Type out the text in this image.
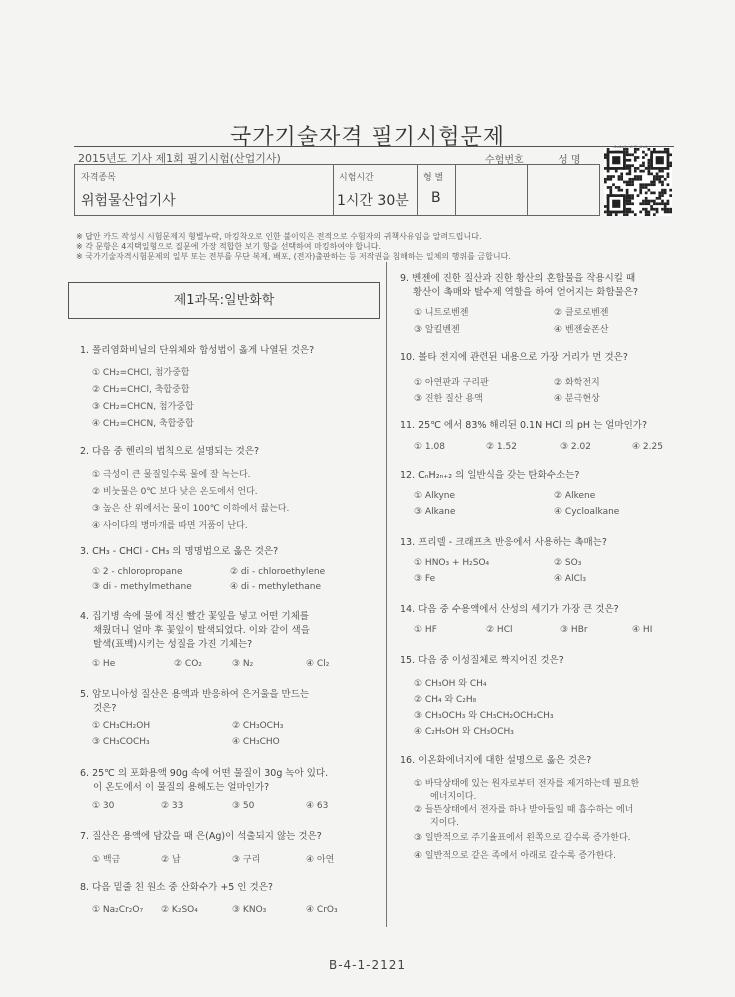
국가기술자격 필기시험문제
2015년도 기사 제1회 필기시험(산업기사)	수험번호	성 명
자격종목
위험물산업기사
시험시간
1시간 30분
형 별
B
※ 답안 카드 작성시 시험문제지 형별누락, 마킹착오로 인한 불이익은 전적으로 수험자의 귀책사유임을 알려드립니다.
※ 각 문항은 4지택일형으로 질문에 가장 적합한 보기 항을 선택하여 마킹하여야 합니다.
※ 국가기술자격시험문제의 일부 또는 전부를 무단 복제, 배포, (전자)출판하는 등 저작권을 침해하는 일체의 행위를 금합니다.
제1과목:일반화학
1. 폴리염화비닐의 단위체와 합성법이 옳게 나열된 것은?
① CH₂=CHCl, 첨가중합
② CH₂=CHCl, 축합중합
③ CH₂=CHCN, 첨가중합
④ CH₂=CHCN, 축합중합
2. 다음 중 헨리의 법칙으로 설명되는 것은?
① 극성이 큰 물질일수록 물에 잘 녹는다.
② 비눗물은 0℃ 보다 낮은 온도에서 언다.
③ 높은 산 위에서는 물이 100℃ 이하에서 끓는다.
④ 사이다의 병마개를 따면 거품이 난다.
3. CH₃ - CHCl - CH₃ 의 명명법으로 옳은 것은?
① 2 - chloropropane	② di - chloroethylene
③ di - methylmethane	④ di - methylethane
4. 집기병 속에 물에 적신 빨간 꽃잎을 넣고 어떤 기체를
채웠더니 얼마 후 꽃잎이 탈색되었다. 이와 같이 색을
탈색(표백)시키는 성질을 가진 기체는?
① He	② CO₂	③ N₂	④ Cl₂
5. 암모니아성 질산은 용액과 반응하여 은거울을 만드는
것은?
① CH₃CH₂OH	② CH₃OCH₃
③ CH₃COCH₃	④ CH₃CHO
6. 25℃ 의 포화용액 90g 속에 어떤 물질이 30g 녹아 있다.
이 온도에서 이 물질의 용해도는 얼마인가?
① 30	② 33	③ 50	④ 63
7. 질산은 용액에 담갔을 때 은(Ag)이 석출되지 않는 것은?
① 백금	② 납	③ 구리	④ 아연
8. 다음 밑줄 친 원소 중 산화수가 +5 인 것은?
① Na₂Cr₂O₇ ② K₂SO₄	③ KNO₃	④ CrO₃
9. 벤젠에 진한 질산과 진한 황산의 혼합물을 작용시킬 때
황산이 촉매와 탈수제 역할을 하여 얻어지는 화합물은?
① 니트로벤젠	② 클로로벤젠
③ 알킬벤젠	④ 벤젠술폰산
10. 볼타 전지에 관련된 내용으로 가장 거리가 먼 것은?
① 아연판과 구리판	② 화학전지
③ 진한 질산 용액	④ 분극현상
11. 25℃ 에서 83% 해리된 0.1N HCl 의 pH 는 얼마인가?
① 1.08	② 1.52	③ 2.02	④ 2.25
12. CₙH₂ₙ₊₂ 의 일반식을 갖는 탄화수소는?
① Alkyne	② Alkene
③ Alkane	④ Cycloalkane
13. 프리델 - 크래프츠 반응에서 사용하는 촉매는?
① HNO₃ + H₂SO₄	② SO₃
③ Fe	④ AlCl₃
14. 다음 중 수용액에서 산성의 세기가 가장 큰 것은?
① HF	② HCl	③ HBr	④ HI
15. 다음 중 이성질체로 짝지어진 것은?
① CH₃OH 와 CH₄
② CH₄ 와 C₂H₈
③ CH₃OCH₃ 와 CH₃CH₂OCH₂CH₃
④ C₂H₅OH 와 CH₃OCH₃
16. 이온화에너지에 대한 설명으로 옳은 것은?
① 바닥상태에 있는 원자로부터 전자를 제거하는데 필요한
에너지이다.
② 들뜬상태에서 전자를 하나 받아들일 때 흡수하는 에너
지이다.
③ 일반적으로 주기율표에서 왼쪽으로 갈수록 증가한다.
④ 일반적으로 같은 족에서 아래로 갈수록 증가한다.
B-4-1-2121
